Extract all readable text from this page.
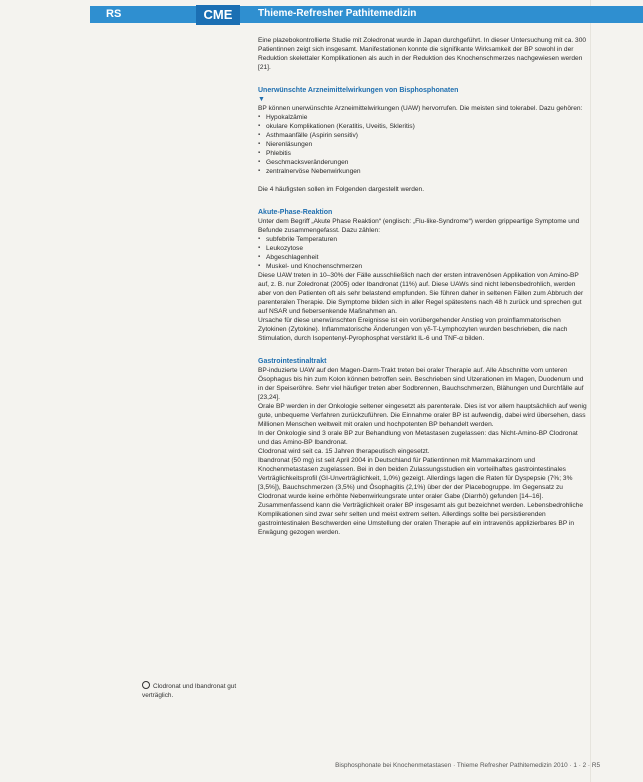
RS	CME	Thieme-Refresher Pathitemedizin

Eine plazebokontrollierte Studie mit Zoledronat wurde in Japan durchgeführt. In dieser Untersuchung mit ca. 300 Patientinnen zeigt sich insgesamt. Manifestationen konnte die signifikante Wirksamkeit der BP sowohl in der Reduktion skelettaler Komplikationen als auch in der Reduktion des Knochenschmerzes nachgewiesen werden [21].

Unerwünschte Arzneimittelwirkungen von Bisphosphonaten
▼

BP können unerwünschte Arzneimittelwirkungen (UAW) hervorrufen. Die meisten sind tolerabel. Dazu gehören:

▪ Hypokalzämie
▪ okulare Komplikationen (Keratitis, Uveitis, Skleritis)
▪ Asthmaanfälle (Aspirin sensitiv)
▪ Nierenläsungen
▪ Phlebitis
▪ Geschmacksveränderungen
▪ zentralnervöse Nebenwirkungen

Die 4 häufigsten sollen im Folgenden dargestellt werden.

Akute-Phase-Reaktion

Unter dem Begriff „Akute Phase Reaktion“ (englisch: „Flu-like-Syndrome“) werden grippeartige Symptome und Befunde zusammengefasst. Dazu zählen:

▪ subfebrile Temperaturen
▪ Leukozytose
▪ Abgeschlagenheit
▪ Muskel- und Knochenschmerzen

Diese UAW treten in 10–30% der Fälle ausschließlich nach der ersten intravenösen Applikation von Amino-BP auf, z. B. nur Zoledronat (2005) oder Ibandronat (11%) auf. Diese UAWs sind nicht lebensbedrohlich, werden aber von den Patienten oft als sehr belastend empfunden. Sie führen daher in seltenen Fällen zum Abbruch der parenteralen Therapie. Die Symptome bilden sich in aller Regel spätestens nach 48 h zurück und sprechen gut auf NSAR und fiebersenkende Maßnahmen an.

Ursache für diese unerwünschten Ereignisse ist ein vorübergehender Anstieg von proinflammatorischen Zytokinen (Zytokine). Inflammatorische Änderungen von γδ-T-Lymphozyten wurden beschrieben, die nach Stimulation, durch Isopentenyl-Pyrophosphat verstärkt IL-6 und TNF-α bilden.

Gastrointestinaltrakt

BP-induzierte UAW auf den Magen-Darm-Trakt treten bei oraler Therapie auf. Alle Abschnitte vom unteren Ösophagus bis hin zum Kolon können betroffen sein. Beschrieben sind Ulzerationen im Magen, Duodenum und in der Speiseröhre. Sehr viel häufiger treten aber Sodbrennen, Bauchschmerzen, Blähungen und Durchfälle auf [23,24].

Orale BP werden in der Onkologie seltener eingesetzt als parenterale. Dies ist vor allem hauptsächlich auf wenig gute, unbequeme Verfahren zurückzuführen. Die Einnahme oraler BP ist aufwendig, dabei wird übersehen, dass Millionen Menschen weltweit mit oralen und hochpotenten BP behandelt werden.

In der Onkologie sind 3 orale BP zur Behandlung von Metastasen zugelassen: das Nicht-Amino-BP Clodronat und das Amino-BP Ibandronat.

Clodronat wird seit ca. 15 Jahren therapeutisch eingesetzt.

Ibandronat (50 mg) ist seit April 2004 in Deutschland für Patientinnen mit Mammakarzinom und Knochenmetastasen zugelassen. Bei in den beiden Zulassungsstudien ein vorteilhaftes gastrointestinales Verträglichkeitsprofil (GI-Unverträglichkeit, 1,0%) gezeigt. Allerdings lagen die Raten für Dyspepsie (7%; 3% [3,5%]), Bauchschmerzen (3,5%) und Ösophagitis (2,1%) über der der Placebogruppe. Im Gegensatz zu Clodronat wurde keine erhöhte Nebenwirkungsrate unter oraler Gabe (Diarrhö) gefunden [14–16].

Zusammenfassend kann die Verträglichkeit oraler BP insgesamt als gut bezeichnet werden. Lebensbedrohliche Komplikationen sind zwar sehr selten und meist extrem selten. Allerdings sollte bei persistierenden gastrointestinalen Beschwerden eine Umstellung der oralen Therapie auf ein intravenös applizierbares BP in Erwägung gezogen werden.

Clodronat und Ibandronat gut verträglich.
Bisphosphonate bei Knochenmetastasen · Thieme Refresher Pathitemedizin 2010 · 1 · 2 · R5
